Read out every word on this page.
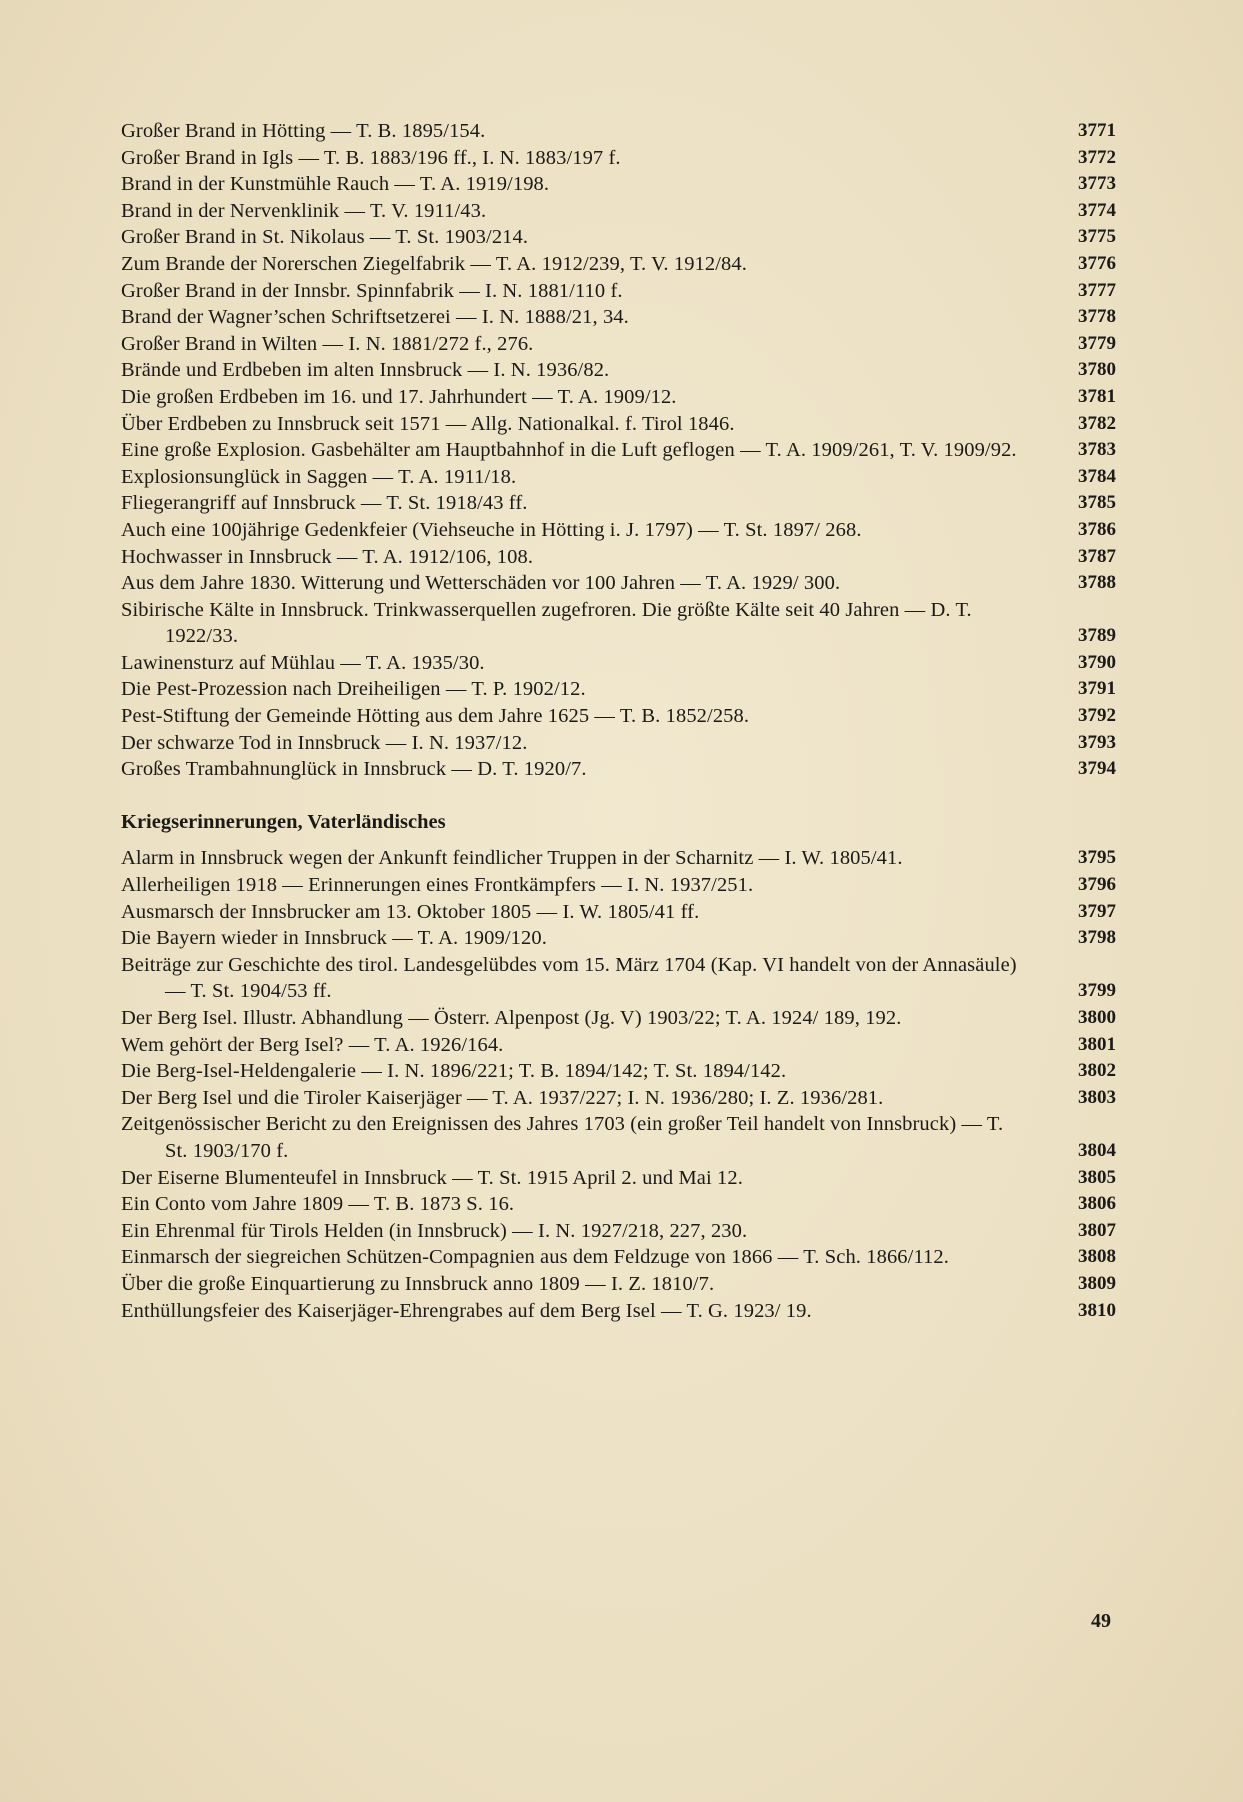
Großer Brand in Hötting — T. B. 1895/154.	3771
Großer Brand in Igls — T. B. 1883/196 ff., I. N. 1883/197 f.	3772
Brand in der Kunstmühle Rauch — T. A. 1919/198.	3773
Brand in der Nervenklinik — T. V. 1911/43.	3774
Großer Brand in St. Nikolaus — T. St. 1903/214.	3775
Zum Brande der Norerschen Ziegelfabrik — T. A. 1912/239, T. V. 1912/84.	3776
Großer Brand in der Innsbr. Spinnfabrik — I. N. 1881/110 f.	3777
Brand der Wagner’schen Schriftsetzerei — I. N. 1888/21, 34.	3778
Großer Brand in Wilten — I. N. 1881/272 f., 276.	3779
Brände und Erdbeben im alten Innsbruck — I. N. 1936/82.	3780
Die großen Erdbeben im 16. und 17. Jahrhundert — T. A. 1909/12.	3781
Über Erdbeben zu Innsbruck seit 1571 — Allg. Nationalkal. f. Tirol 1846.	3782
Eine große Explosion. Gasbehälter am Hauptbahnhof in die Luft geflogen — T. A. 1909/261, T. V. 1909/92.	3783
Explosionsunglück in Saggen — T. A. 1911/18.	3784
Fliegerangriff auf Innsbruck — T. St. 1918/43 ff.	3785
Auch eine 100jährige Gedenkfeier (Viehseuche in Hötting i. J. 1797) — T. St. 1897/ 268.	3786
Hochwasser in Innsbruck — T. A. 1912/106, 108.	3787
Aus dem Jahre 1830. Witterung und Wetterschäden vor 100 Jahren — T. A. 1929/ 300.	3788
Sibirische Kälte in Innsbruck. Trinkwasserquellen zugefroren. Die größte Kälte seit 40 Jahren — D. T. 1922/33.	3789
Lawinensturz auf Mühlau — T. A. 1935/30.	3790
Die Pest-Prozession nach Dreiheiligen — T. P. 1902/12.	3791
Pest-Stiftung der Gemeinde Hötting aus dem Jahre 1625 — T. B. 1852/258.	3792
Der schwarze Tod in Innsbruck — I. N. 1937/12.	3793
Großes Trambahnunglück in Innsbruck — D. T. 1920/7.	3794
Kriegserinnerungen, Vaterländisches
Alarm in Innsbruck wegen der Ankunft feindlicher Truppen in der Scharnitz — I. W. 1805/41.	3795
Allerheiligen 1918 — Erinnerungen eines Frontkämpfers — I. N. 1937/251.	3796
Ausmarsch der Innsbrucker am 13. Oktober 1805 — I. W. 1805/41 ff.	3797
Die Bayern wieder in Innsbruck — T. A. 1909/120.	3798
Beiträge zur Geschichte des tirol. Landesgelübdes vom 15. März 1704 (Kap. VI handelt von der Annasäule) — T. St. 1904/53 ff.	3799
Der Berg Isel. Illustr. Abhandlung — Österr. Alpenpost (Jg. V) 1903/22; T. A. 1924/ 189, 192.	3800
Wem gehört der Berg Isel? — T. A. 1926/164.	3801
Die Berg-Isel-Heldengalerie — I. N. 1896/221; T. B. 1894/142; T. St. 1894/142.	3802
Der Berg Isel und die Tiroler Kaiserjäger — T. A. 1937/227; I. N. 1936/280; I. Z. 1936/281.	3803
Zeitgenössischer Bericht zu den Ereignissen des Jahres 1703 (ein großer Teil handelt von Innsbruck) — T. St. 1903/170 f.	3804
Der Eiserne Blumenteufel in Innsbruck — T. St. 1915 April 2. und Mai 12.	3805
Ein Conto vom Jahre 1809 — T. B. 1873 S. 16.	3806
Ein Ehrenmal für Tirols Helden (in Innsbruck) — I. N. 1927/218, 227, 230.	3807
Einmarsch der siegreichen Schützen-Compagnien aus dem Feldzuge von 1866 — T. Sch. 1866/112.	3808
Über die große Einquartierung zu Innsbruck anno 1809 — I. Z. 1810/7.	3809
Enthüllungsfeier des Kaiserjäger-Ehrengrabes auf dem Berg Isel — T. G. 1923/ 19.	3810
49
